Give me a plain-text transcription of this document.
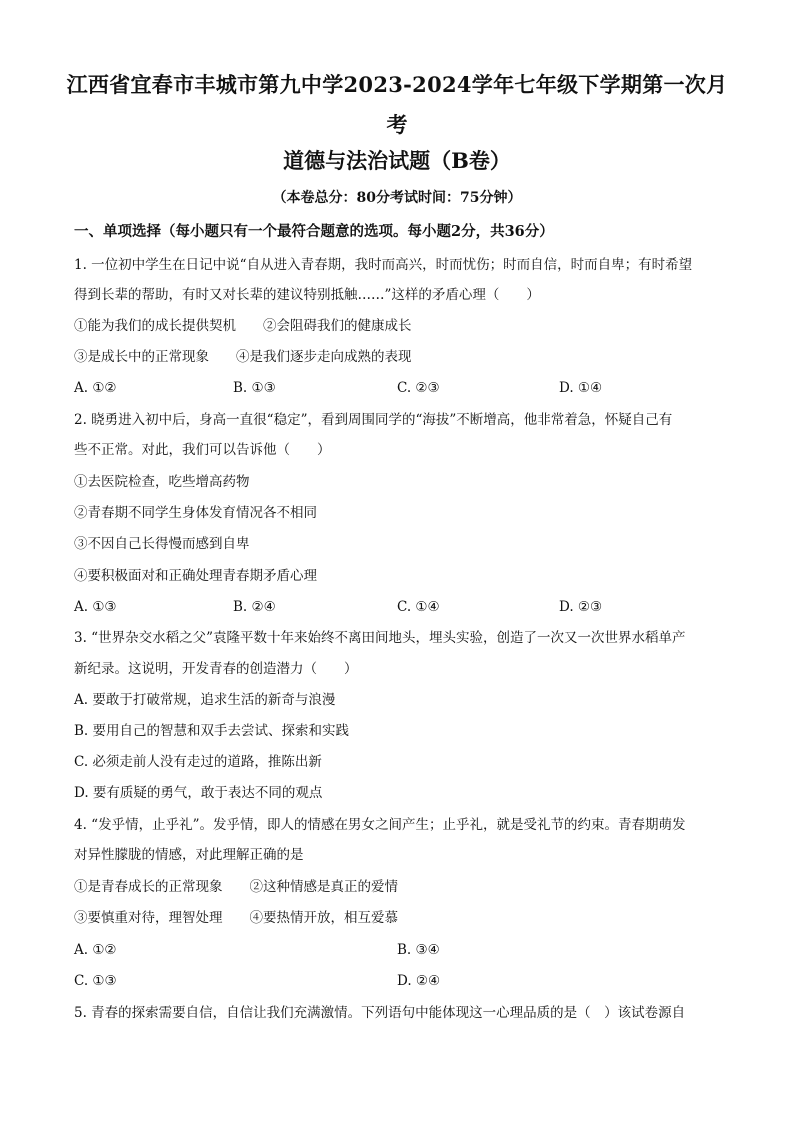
江西省宜春市丰城市第九中学2023-2024学年七年级下学期第一次月
考
道德与法治试题（B卷）
（本卷总分：80分考试时间：75分钟）
一、单项选择（每小题只有一个最符合题意的选项。每小题2分，共36分）
1. 一位初中学生在日记中说“自从进入青春期，我时而高兴，时而忧伤；时而自信，时而自卑；有时希望
得到长辈的帮助，有时又对长辈的建议特别抵触……”这样的矛盾心理（　　）
①能为我们的成长提供契机　　②会阻碍我们的健康成长
③是成长中的正常现象　　④是我们逐步走向成熟的表现
A. ①②	B. ①③	C. ②③	D. ①④
2. 晓勇进入初中后，身高一直很“稳定”，看到周围同学的“海拔”不断增高，他非常着急，怀疑自己有
些不正常。对此，我们可以告诉他（　　）
①去医院检查，吃些增高药物
②青春期不同学生身体发育情况各不相同
③不因自己长得慢而感到自卑
④要积极面对和正确处理青春期矛盾心理
A. ①③	B. ②④	C. ①④	D. ②③
3. “世界杂交水稻之父”袁隆平数十年来始终不离田间地头，埋头实验，创造了一次又一次世界水稻单产
新纪录。这说明，开发青春的创造潜力（　　）
A. 要敢于打破常规，追求生活的新奇与浪漫
B. 要用自己的智慧和双手去尝试、探索和实践
C. 必须走前人没有走过的道路，推陈出新
D. 要有质疑的勇气，敢于表达不同的观点
4. “发乎情，止乎礼”。发乎情，即人的情感在男女之间产生；止乎礼，就是受礼节的约束。青春期萌发
对异性朦胧的情感，对此理解正确的是
①是青春成长的正常现象　　②这种情感是真正的爱情
③要慎重对待，理智处理　　④要热情开放，相互爱慕
A. ①②	B. ③④
C. ①③	D. ②④
5. 青春的探索需要自信，自信让我们充满激情。下列语句中能体现这一心理品质的是（　）该试卷源自
